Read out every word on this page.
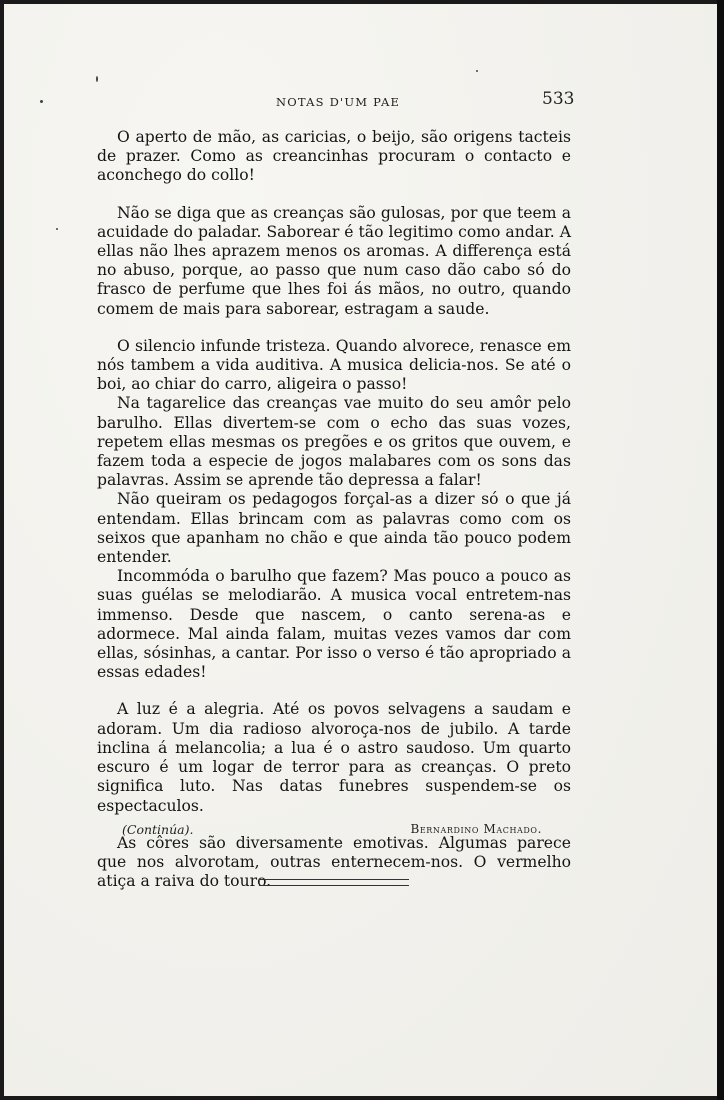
NOTAS D'UM PAE	533

O aperto de mão, as caricias, o beijo, são origens tacteis de prazer. Como as creancinhas procuram o contacto e aconchego do collo!

Não se diga que as creanças são gulosas, por que teem a acuidade do paladar. Saborear é tão legitimo como andar. A ellas não lhes aprazem menos os aromas. A differença está no abuso, porque, ao passo que num caso dão cabo só do frasco de perfume que lhes foi ás mãos, no outro, quando comem de mais para saborear, estragam a saude.

O silencio infunde tristeza. Quando alvorece, renasce em nós tambem a vida auditiva. A musica delicia-nos. Se até o boi, ao chiar do carro, aligeira o passo!

Na tagarelice das creanças vae muito do seu amôr pelo barulho. Ellas divertem-se com o echo das suas vozes, repetem ellas mesmas os pregões e os gritos que ouvem, e fazem toda a especie de jogos malabares com os sons das palavras. Assim se aprende tão depressa a falar!

Não queiram os pedagogos forçal-as a dizer só o que já entendam. Ellas brincam com as palavras como com os seixos que apanham no chão e que ainda tão pouco podem entender.

Incommóda o barulho que fazem? Mas pouco a pouco as suas guélas se melodiarão. A musica vocal entretem-nas immenso. Desde que nascem, o canto serena-as e adormece. Mal ainda falam, muitas vezes vamos dar com ellas, sósinhas, a cantar. Por isso o verso é tão apropriado a essas edades!

A luz é a alegria. Até os povos selvagens a saudam e adoram. Um dia radioso alvoroça-nos de jubilo. A tarde inclina á melancolia; a lua é o astro saudoso. Um quarto escuro é um logar de terror para as creanças. O preto significa luto. Nas datas funebres suspendem-se os espectaculos.

As côres são diversamente emotivas. Algumas parece que nos alvorotam, outras enternecem-nos. O vermelho atiça a raiva do touro.

(Continúa).	Bernardino Machado.
